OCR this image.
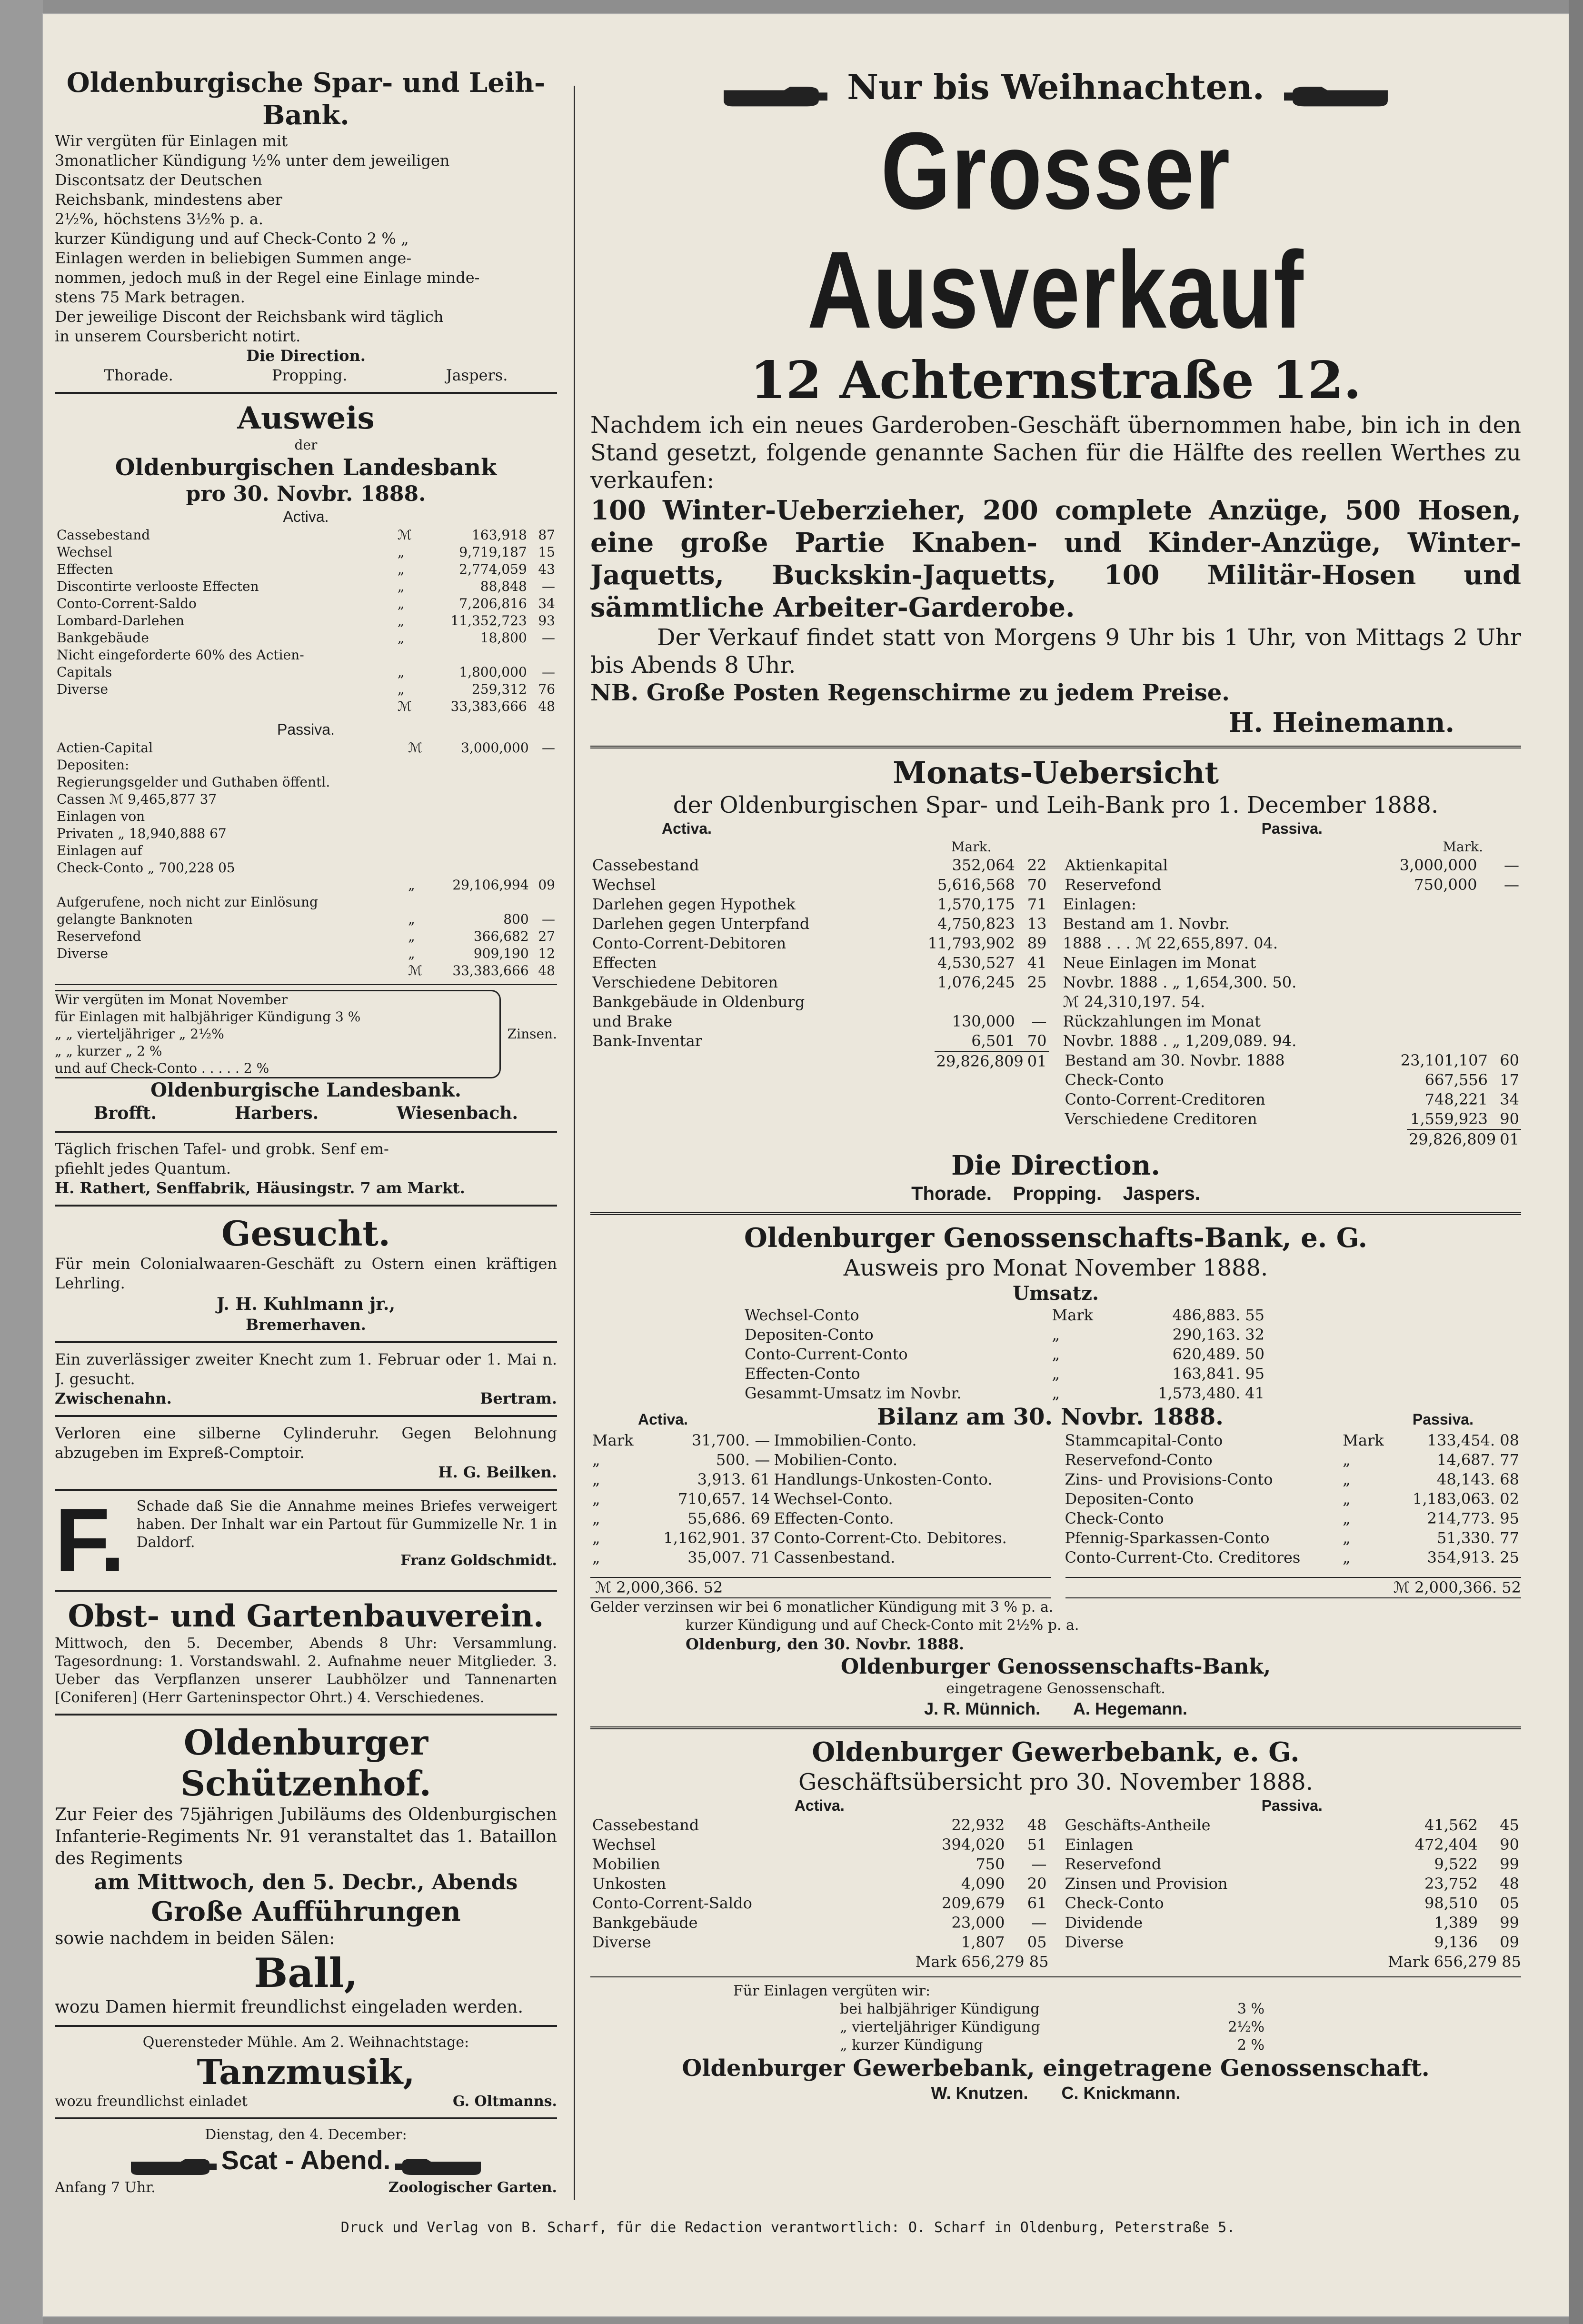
Oldenburgische Spar- und Leih-Bank.
Wir vergüten für Einlagen mit
3monatlicher Kündigung ½% unter dem jeweiligen
Discontsatz der Deutschen
Reichsbank, mindestens aber
2½%, höchstens 3½% p. a.
kurzer Kündigung und auf Check-Conto 2 % „
Einlagen werden in beliebigen Summen ange-
nommen, jedoch muß in der Regel eine Einlage minde-
stens 75 Mark betragen.
Der jeweilige Discont der Reichsbank wird täglich
in unserem Coursbericht notirt.
Die Direction.
Thorade.	Propping.	Jaspers.
Ausweis
der
Oldenburgischen Landesbank
pro 30. Novbr. 1888.
Activa.
Cassebestand	ℳ	163,918	87
Wechsel	„	9,719,187	15
Effecten	„	2,774,059	43
Discontirte verlooste Effecten	„	88,848	—
Conto-Corrent-Saldo	„	7,206,816	34
Lombard-Darlehen	„	11,352,723	93
Bankgebäude	„	18,800	—
Nicht eingeforderte 60% des Actien-			
Capitals	„	1,800,000	—
Diverse	„	259,312	76
	ℳ	33,383,666	48
Passiva.
Actien-Capital	ℳ	3,000,000	—
Depositen:			
Regierungsgelder und Guthaben öffentl.			
Cassen ℳ 9,465,877 37			
Einlagen von			
Privaten „ 18,940,888 67			
Einlagen auf			
Check-Conto „ 700,228 05			
	„	29,106,994	09
Aufgerufene, noch nicht zur Einlösung			
gelangte Banknoten	„	800	—
Reservefond	„	366,682	27
Diverse	„	909,190	12
	ℳ	33,383,666	48
Wir vergüten im Monat November
für Einlagen mit halbjähriger Kündigung 3 %
„ „ vierteljähriger „ 2½%
„ „ kurzer „ 2 %
und auf Check-Conto . . . . . 2 %
Zinsen.
Oldenburgische Landesbank.
Brofft.	Harbers.	Wiesenbach.
Täglich frischen Tafel- und grobk. Senf em-
pfiehlt jedes Quantum.
H. Rathert, Senffabrik, Häusingstr. 7 am Markt.
Gesucht.
Für mein Colonialwaaren-Geschäft zu Ostern einen kräftigen Lehrling.
J. H. Kuhlmann jr.,
Bremerhaven.
Ein zuverlässiger zweiter Knecht zum 1. Februar oder 1. Mai n. J. gesucht.
Zwischenahn.	Bertram.
Verloren eine silberne Cylinderuhr. Gegen Belohnung abzugeben im Expreß-Comptoir.
H. G. Beilken.
F. Schade daß Sie die Annahme meines Briefes verweigert haben. Der Inhalt war ein Partout für Gummizelle Nr. 1 in Daldorf.
Franz Goldschmidt.
Obst- und Gartenbauverein.
Mittwoch, den 5. December, Abends 8 Uhr: Versammlung. Tagesordnung: 1. Vorstandswahl. 2. Aufnahme neuer Mitglieder. 3. Ueber das Verpflanzen unserer Laubhölzer und Tannenarten [Coniferen] (Herr Garteninspector Ohrt.) 4. Verschiedenes.
Oldenburger Schützenhof.
Zur Feier des 75jährigen Jubiläums des Oldenburgischen Infanterie-Regiments Nr. 91 veranstaltet das 1. Bataillon des Regiments
am Mittwoch, den 5. Decbr., Abends
Große Aufführungen
sowie nachdem in beiden Sälen:
Ball,
wozu Damen hiermit freundlichst eingeladen werden.
Querensteder Mühle. Am 2. Weihnachtstage:
Tanzmusik,
wozu freundlichst einladet	G. Oltmanns.
Dienstag, den 4. December:
Scat - Abend.
Anfang 7 Uhr.	Zoologischer Garten.
Nur bis Weihnachten.
Grosser Ausverkauf
12 Achternstraße 12.
Nachdem ich ein neues Garderoben-Geschäft übernommen habe, bin ich in den Stand gesetzt, folgende genannte Sachen für die Hälfte des reellen Werthes zu verkaufen:
100 Winter-Ueberzieher, 200 complete Anzüge, 500 Hosen, eine große Partie Knaben- und Kinder-Anzüge, Winter-Jaquetts, Buckskin-Jaquetts, 100 Militär-Hosen und sämmtliche Arbeiter-Garderobe.
Der Verkauf findet statt von Morgens 9 Uhr bis 1 Uhr, von Mittags 2 Uhr bis Abends 8 Uhr.
NB. Große Posten Regenschirme zu jedem Preise.
H. Heinemann.
Monats-Uebersicht
der Oldenburgischen Spar- und Leih-Bank pro 1. December 1888.
Activa.
Mark.
Cassebestand	352,064	22
Wechsel	5,616,568	70
Darlehen gegen Hypothek	1,570,175	71
Darlehen gegen Unterpfand	4,750,823	13
Conto-Corrent-Debitoren	11,793,902	89
Effecten	4,530,527	41
Verschiedene Debitoren	1,076,245	25
Bankgebäude in Oldenburg		
und Brake	130,000	—
Bank-Inventar	6,501	70
	29,826,809	01
Passiva.
Mark.
Aktienkapital	3,000,000	—
Reservefond	750,000	—
Einlagen:
Bestand am 1. Novbr.
1888 . . . ℳ 22,655,897. 04.
Neue Einlagen im Monat
Novbr. 1888 . „ 1,654,300. 50.
ℳ 24,310,197. 54.
Rückzahlungen im Monat
Novbr. 1888 . „ 1,209,089. 94.
Bestand am 30. Novbr. 1888	23,101,107	60
Check-Conto	667,556	17
Conto-Corrent-Creditoren	748,221	34
Verschiedene Creditoren	1,559,923	90
	29,826,809	01
Die Direction.
Thorade. Propping. Jaspers.
Oldenburger Genossenschafts-Bank, e. G.
Ausweis pro Monat November 1888.
Umsatz.
Wechsel-Conto	Mark	486,883. 55
Depositen-Conto	„	290,163. 32
Conto-Current-Conto	„	620,489. 50
Effecten-Conto	„	163,841. 95
Gesammt-Umsatz im Novbr.	„	1,573,480. 41
Activa.	Bilanz am 30. Novbr. 1888.	Passiva.
Mark	31,700. —	Immobilien-Conto.
„	500. —	Mobilien-Conto.
„	3,913. 61	Handlungs-Unkosten-Conto.
„	710,657. 14	Wechsel-Conto.
„	55,686. 69	Effecten-Conto.
„	1,162,901. 37	Conto-Corrent-Cto. Debitores.
„	35,007. 71	Cassenbestand.
Stammcapital-Conto	Mark	133,454. 08
Reservefond-Conto	„	14,687. 77
Zins- und Provisions-Conto	„	48,143. 68
Depositen-Conto	„	1,183,063. 02
Check-Conto	„	214,773. 95
Pfennig-Sparkassen-Conto	„	51,330. 77
Conto-Current-Cto. Creditores	„	354,913. 25
ℳ 2,000,366. 52	ℳ 2,000,366. 52
Gelder verzinsen wir bei 6 monatlicher Kündigung mit 3 % p. a.
kurzer Kündigung und auf Check-Conto mit 2½% p. a.
Oldenburg, den 30. Novbr. 1888.
Oldenburger Genossenschafts-Bank,
eingetragene Genossenschaft.
J. R. Münnich. A. Hegemann.
Oldenburger Gewerbebank, e. G.
Geschäftsübersicht pro 30. November 1888.
Activa.
Cassebestand	22,932	48
Wechsel	394,020	51
Mobilien	750	—
Unkosten	4,090	20
Conto-Corrent-Saldo	209,679	61
Bankgebäude	23,000	—
Diverse	1,807	05
Passiva.
Geschäfts-Antheile	41,562	45
Einlagen	472,404	90
Reservefond	9,522	99
Zinsen und Provision	23,752	48
Check-Conto	98,510	05
Dividende	1,389	99
Diverse	9,136	09
Mark 656,279 85	Mark 656,279 85
Für Einlagen vergüten wir:
bei halbjähriger Kündigung	3 %
„ vierteljähriger Kündigung	2½%
„ kurzer Kündigung	2 %
Oldenburger Gewerbebank, eingetragene Genossenschaft.
W. Knutzen. C. Knickmann.
Druck und Verlag von B. Scharf, für die Redaction verantwortlich: O. Scharf in Oldenburg, Peterstraße 5.
